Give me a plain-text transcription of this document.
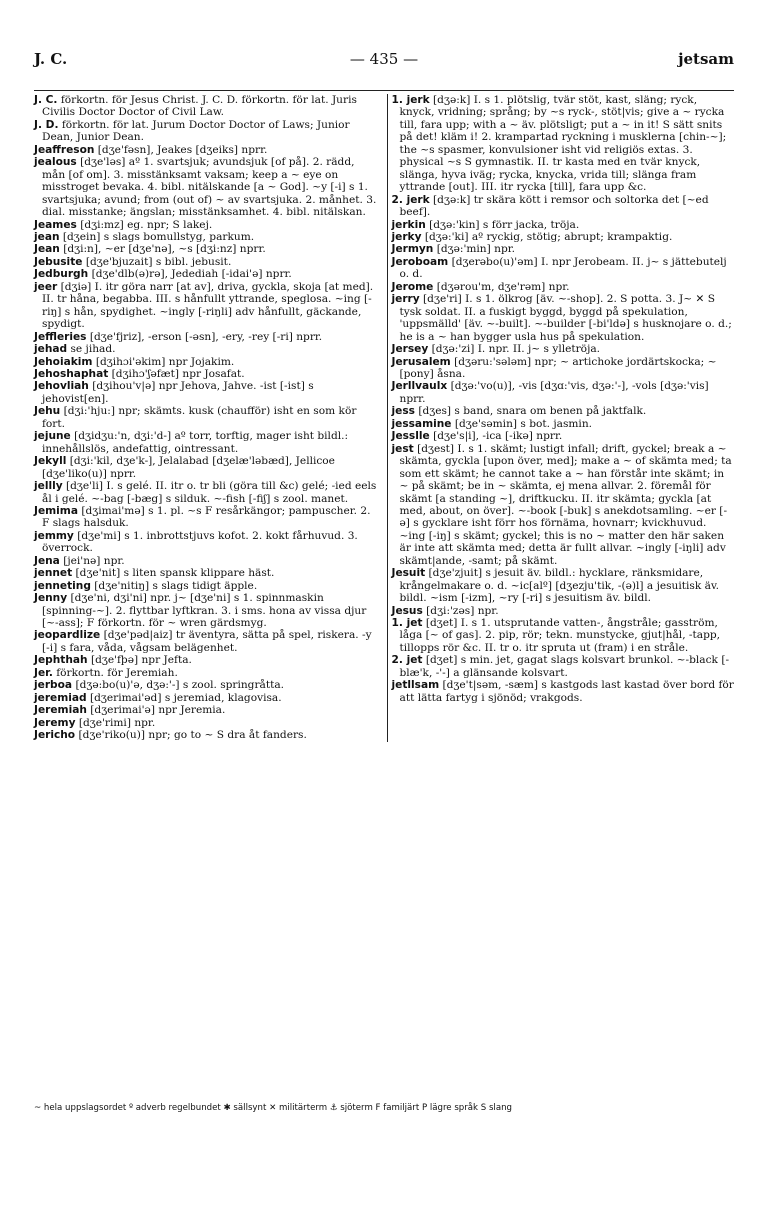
J. C.	— 435 —	jetsam

J. C. förkortn. för Jesus Christ. J. C. D. förkortn. för lat. Juris Civilis Doctor Doctor of Civil Law.

J. D. förkortn. för lat. Jurum Doctor Doctor of Laws; Junior Dean, Junior Dean.

Jeaffreson [dʒe'fəsn], Jeakes [dʒeiks] nprr.

jealous [dʒe'ləs] aº 1. svartsjuk; avundsjuk [of på]. 2. rädd, mån [of om]. 3. misstänksamt vaksam; keep a ~ eye on misstroget bevaka. 4. bibl. nitälskande [a ~ God]. ~y [-i] s 1. svartsjuka; avund; from (out of) ~ av svartsjuka. 2. månhet. 3. dial. misstanke; ängslan; misstänksamhet. 4. bibl. nitälskan.

Jeames [dʒi:mz] eg. npr; S lakej.

jean [dʒein] s slags bomullstyg, parkum.

Jean [dʒi:n], ~er [dʒe'nə], ~s [dʒi:nz] nprr.

Jebusite [dʒe'bjuzait] s bibl. jebusit.

Jedburgh [dʒe'dlb(ə)rə], Jedediah [-idai'ə] nprr.

jeer [dʒiə] I. itr göra narr [at av], driva, gyckla, skoja [at med]. II. tr håna, begabba. III. s hånfullt yttrande, speglosa. ~ing [-riŋ] s hån, spydighet. ~ingly [-riŋli] adv hånfullt, gäckande, spydigt.

Jeffleries [dʒe'fjriz], -erson [-əsn], -ery, -rey [-ri] nprr.

jehad se jihad.

Jehoiakim [dʒihɔi'əkim] npr Jojakim.

Jehoshaphat [dʒihɔ'ʃəfæt] npr Josafat.

Jehovliah [dʒihou'v|ə] npr Jehova, Jahve. -ist [-ist] s jehovist[en].

Jehu [dʒi:'hju:] npr; skämts. kusk (chaufför) isht en som kör fort.

jejune [dʒidʒu:'n, dʒi:'d-] aº torr, torftig, mager isht bildl.: innehållslös, andefattig, ointressant.

Jekyll [dʒi:'kil, dʒe'k-], Jelalabad [dʒelæ'ləbæd], Jellicoe [dʒe'liko(u)] nprr.

jellly [dʒe'li] I. s gelé. II. itr o. tr bli (göra till &c) gelé; -ied eels ål i gelé. ~-bag [-bæg] s silduk. ~-fish [-fiʃ] s zool. manet.

Jemima [dʒimai'mə] s 1. pl. ~s F resårkängor; pampuscher. 2. F slags halsduk.

jemmy [dʒe'mi] s 1. inbrottstjuvs kofot. 2. kokt fårhuvud. 3. överrock.

Jena [jei'nə] npr.

jennet [dʒe'nit] s liten spansk klippare häst.

jenneting [dʒe'nitiŋ] s slags tidigt äpple.

Jenny [dʒe'ni, dʒi'ni] npr. j~ [dʒe'ni] s 1. spinnmaskin [spinning-~]. 2. flyttbar lyftkran. 3. i sms. hona av vissa djur [~-ass]; F förkortn. för ~ wren gärdsmyg.

jeopardlize [dʒe'pəd|aiz] tr äventyra, sätta på spel, riskera. -y [-i] s fara, våda, vågsam belägenhet.

Jephthah [dʒe'fþə] npr Jefta.

Jer. förkortn. för Jeremiah.

jerboa [dʒə:bo(u)'ə, dʒə:'-] s zool. springråtta.

jeremiad [dʒerimai'əd] s jeremiad, klagovisa.

Jeremiah [dʒerimai'ə] npr Jeremia.

Jeremy [dʒe'rimi] npr.

Jericho [dʒe'riko(u)] npr; go to ~ S dra åt fanders.

1. jerk [dʒə:k] I. s 1. plötslig, tvär stöt, kast, släng; ryck, knyck, vridning; språng; by ~s ryck-, stöt|vis; give a ~ rycka till, fara upp; with a ~ äv. plötsligt; put a ~ in it! S sätt snits på det! kläm i! 2. krampartad ryckning i musklerna [chin-~]; the ~s spasmer, konvulsioner isht vid religiös extas. 3. physical ~s S gymnastik. II. tr kasta med en tvär knyck, slänga, hyva iväg; rycka, knycka, vrida till; slänga fram yttrande [out]. III. itr rycka [till], fara upp &c.

2. jerk [dʒə:k] tr skära kött i remsor och soltorka det [~ed beef].

jerkin [dʒə:'kin] s förr jacka, tröja.

jerky [dʒə:'ki] aº ryckig, stötig; abrupt; krampaktig.

Jermyn [dʒə:'min] npr.

Jeroboam [dʒerəbo(u)'əm] I. npr Jerobeam. II. j~ s jättebutelj o. d.

Jerome [dʒərou'm, dʒe'rəm] npr.

jerry [dʒe'ri] I. s 1. ölkrog [äv. ~-shop]. 2. S potta. 3. J~ ✕ S tysk soldat. II. a fuskigt byggd, byggd på spekulation, 'uppsmälld' [äv. ~-built]. ~-builder [-bi'ldə] s husknojare o. d.; he is a ~ han bygger usla hus på spekulation.

Jersey [dʒə:'zi] I. npr. II. j~ s ylletröja.

Jerusalem [dʒəru:'sələm] npr; ~ artichoke jordärtskocka; ~ [pony] åsna.

Jerllvaulx [dʒə:'vo(u)], -vis [dʒɑ:'vis, dʒə:'-], -vols [dʒə:'vis] nprr.

jess [dʒes] s band, snara om benen på jaktfalk.

jessamine [dʒe'səmin] s bot. jasmin.

Jesslle [dʒe's|i], -ica [-ikə] nprr.

jest [dʒest] I. s 1. skämt; lustigt infall; drift, gyckel; break a ~ skämta, gyckla [upon över, med]; make a ~ of skämta med; ta som ett skämt; he cannot take a ~ han förstår inte skämt; in ~ på skämt; be in ~ skämta, ej mena allvar. 2. föremål för skämt [a standing ~], driftkucku. II. itr skämta; gyckla [at med, about, on över]. ~-book [-buk] s anekdotsamling. ~er [-ə] s gycklare isht förr hos förnäma, hovnarr; kvickhuvud. ~ing [-iŋ] s skämt; gyckel; this is no ~ matter den här saken är inte att skämta med; detta är fullt allvar. ~ingly [-iŋli] adv skämt|ande, -samt; på skämt.

Jesuit [dʒe'zjuit] s jesuit äv. bildl.: hycklare, ränksmidare, krångelmakare o. d. ~ic[alº] [dʒezju'tik, -(ə)l] a jesuitisk äv. bildl. ~ism [-izm], ~ry [-ri] s jesuitism äv. bildl.

Jesus [dʒi:'zəs] npr.

1. jet [dʒet] I. s 1. utsprutande vatten-, ångstråle; gasström, låga [~ of gas]. 2. pip, rör; tekn. munstycke, gjut|hål, -tapp, tillopps rör &c. II. tr o. itr spruta ut (fram) i en stråle.

2. jet [dʒet] s min. jet, gagat slags kolsvart brunkol. ~-black [-blæ'k, -'-] a glänsande kolsvart.

jetllsam [dʒe't|səm, -sæm] s kastgods last kastad över bord för att lätta fartyg i sjönöd; vrakgods.

~ hela uppslagsordet º adverb regelbundet ✱ sällsynt ✕ militärterm ⚓ sjöterm F familjärt P lägre språk S slang
